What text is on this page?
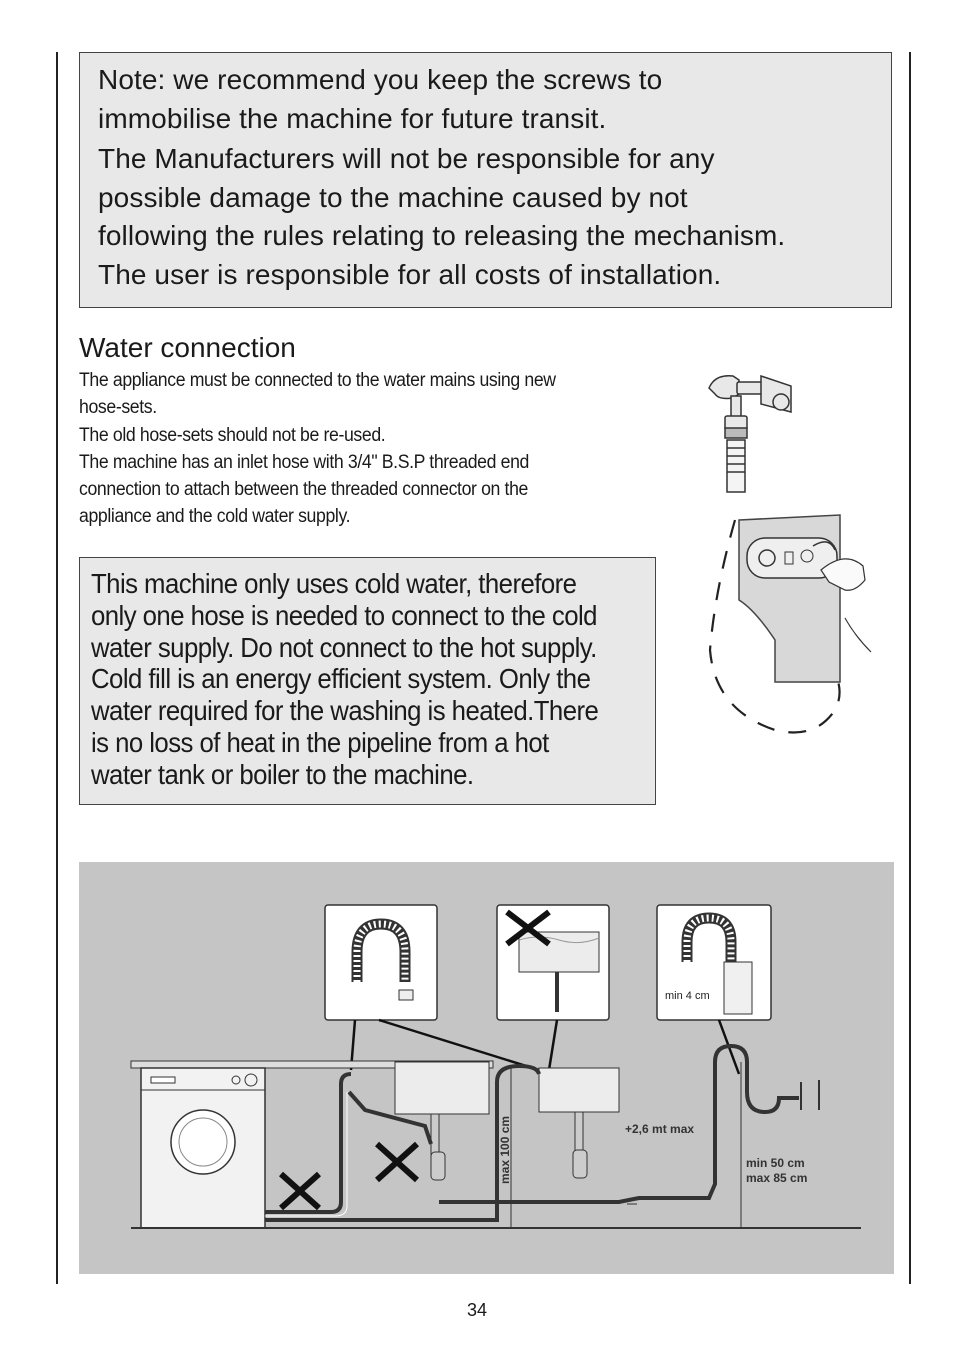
Note: we recommend you keep the screws to

immobilise the machine for future transit.

The Manufacturers will not be responsible for any

possible damage to the machine caused by not

following the rules relating to releasing the mechanism.

The user is responsible for all costs of installation.

Water connection

The appliance must be connected to the water mains using new

hose-sets.

The old hose-sets should not be re-used.

The machine has an inlet hose with 3/4" B.S.P threaded end

connection to attach between the threaded connector on the

appliance and the cold water supply.

This machine only uses cold water, therefore
only one hose is needed to connect to the cold
water supply. Do not connect to the hot supply.
Cold fill is an energy efficient system. Only the
water required for the washing is heated.There
is no loss of heat in the pipeline from a hot
water tank or boiler to the machine.
min 4 cm
max 100 cm	+2,6 mt max
min 50 cm
max 85 cm
34
